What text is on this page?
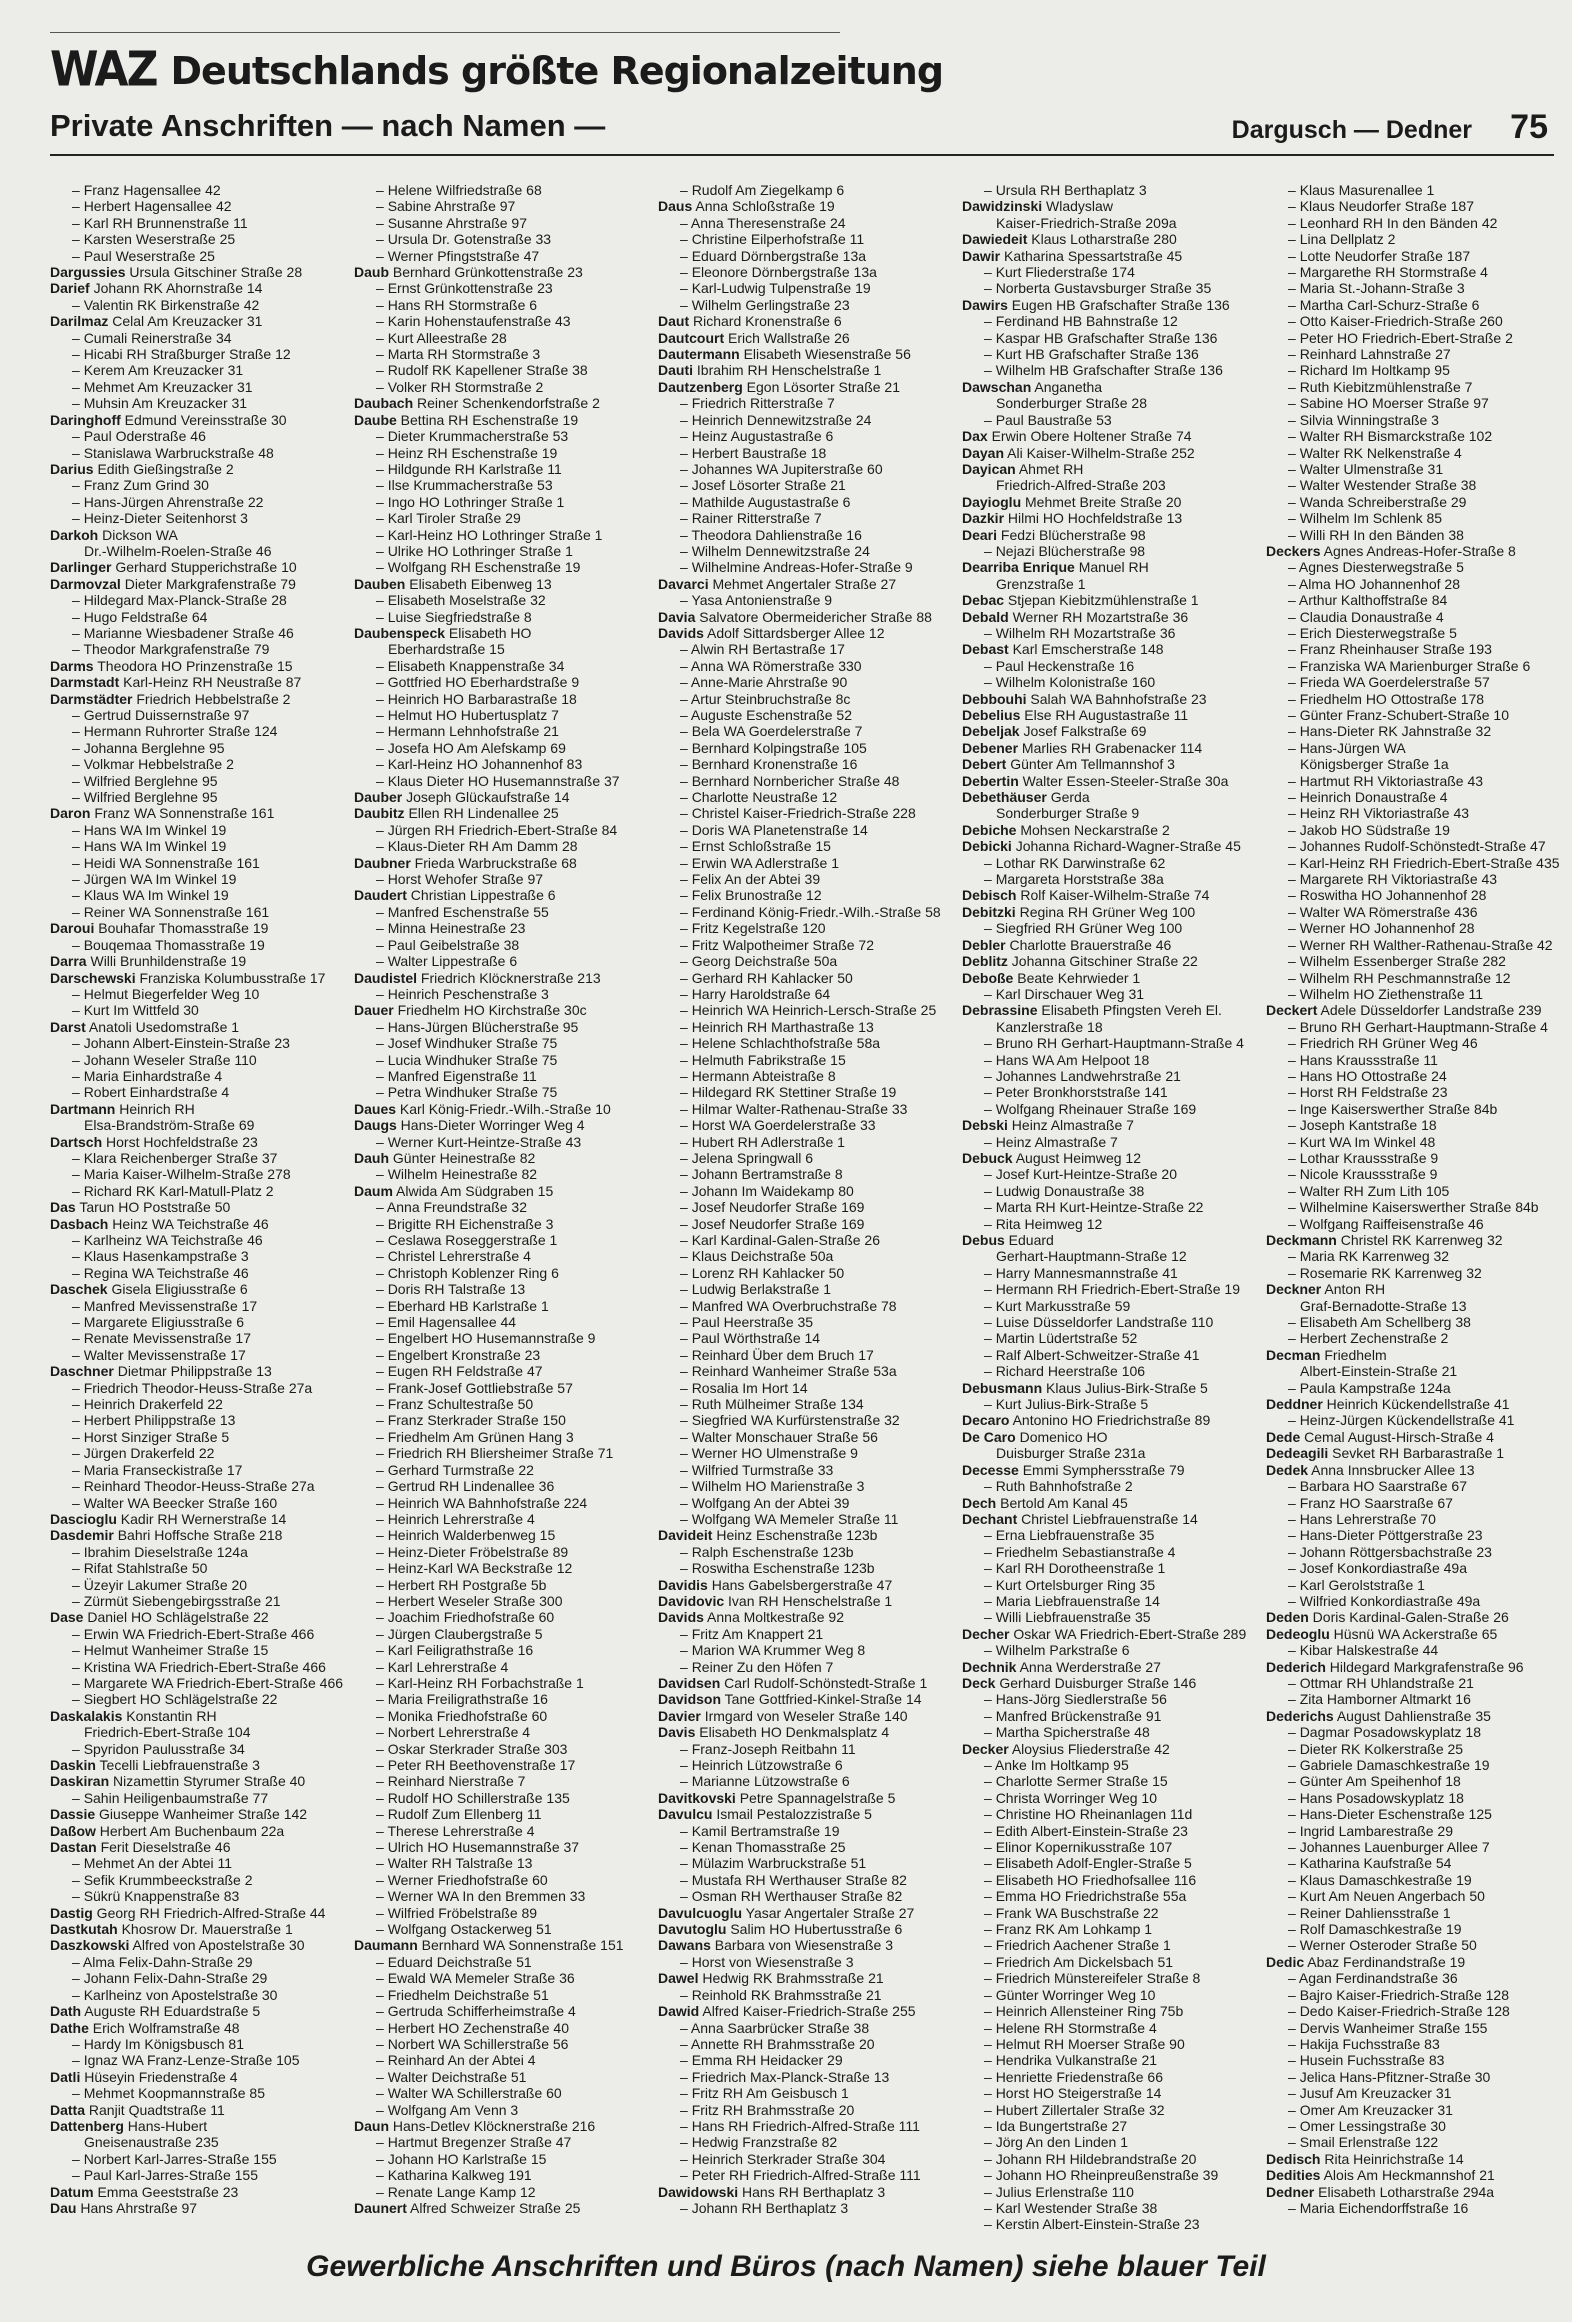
WAZ Deutschlands größte Regionalzeitung
Private Anschriften — nach Namen —	Dargusch — Dedner 75
– Franz Hagensallee 42
– Herbert Hagensallee 42
– Karl RH Brunnenstraße 11
– Karsten Weserstraße 25
– Paul Weserstraße 25
Dargussies Ursula Gitschiner Straße 28
Darief Johann RK Ahornstraße 14
– Valentin RK Birkenstraße 42
Darilmaz Celal Am Kreuzacker 31
– Cumali Reinerstraße 34
– Hicabi RH Straßburger Straße 12
– Kerem Am Kreuzacker 31
– Mehmet Am Kreuzacker 31
– Muhsin Am Kreuzacker 31
Daringhoff Edmund Vereinsstraße 30
– Paul Oderstraße 46
– Stanislawa Warbruckstraße 48
Darius Edith Gießingstraße 2
– Franz Zum Grind 30
– Hans-Jürgen Ahrenstraße 22
– Heinz-Dieter Seitenhorst 3
Darkoh Dickson WA
Dr.-Wilhelm-Roelen-Straße 46
Darlinger Gerhard Stupperichstraße 10
Darmovzal Dieter Markgrafenstraße 79
– Hildegard Max-Planck-Straße 28
– Hugo Feldstraße 64
– Marianne Wiesbadener Straße 46
– Theodor Markgrafenstraße 79
Darms Theodora HO Prinzenstraße 15
Darmstadt Karl-Heinz RH Neustraße 87
Darmstädter Friedrich Hebbelstraße 2
– Gertrud Duissernstraße 97
– Hermann Ruhrorter Straße 124
– Johanna Berglehne 95
– Volkmar Hebbelstraße 2
– Wilfried Berglehne 95
– Wilfried Berglehne 95
Daron Franz WA Sonnenstraße 161
– Hans WA Im Winkel 19
– Hans WA Im Winkel 19
– Heidi WA Sonnenstraße 161
– Jürgen WA Im Winkel 19
– Klaus WA Im Winkel 19
– Reiner WA Sonnenstraße 161
Daroui Bouhafar Thomasstraße 19
– Bouqemaa Thomasstraße 19
Darra Willi Brunhildenstraße 19
Darschewski Franziska Kolumbusstraße 17
– Helmut Biegerfelder Weg 10
– Kurt Im Wittfeld 30
Darst Anatoli Usedomstraße 1
– Johann Albert-Einstein-Straße 23
– Johann Weseler Straße 110
– Maria Einhardstraße 4
– Robert Einhardstraße 4
Dartmann Heinrich RH
Elsa-Brandström-Straße 69
Dartsch Horst Hochfeldstraße 23
– Klara Reichenberger Straße 37
– Maria Kaiser-Wilhelm-Straße 278
– Richard RK Karl-Matull-Platz 2
Das Tarun HO Poststraße 50
Dasbach Heinz WA Teichstraße 46
– Karlheinz WA Teichstraße 46
– Klaus Hasenkampstraße 3
– Regina WA Teichstraße 46
Daschek Gisela Eligiusstraße 6
– Manfred Mevissenstraße 17
– Margarete Eligiusstraße 6
– Renate Mevissenstraße 17
– Walter Mevissenstraße 17
Daschner Dietmar Philippstraße 13
– Friedrich Theodor-Heuss-Straße 27a
– Heinrich Drakerfeld 22
– Herbert Philippstraße 13
– Horst Sinziger Straße 5
– Jürgen Drakerfeld 22
– Maria Franseckistraße 17
– Reinhard Theodor-Heuss-Straße 27a
– Walter WA Beecker Straße 160
Dascioglu Kadir RH Wernerstraße 14
Dasdemir Bahri Hoffsche Straße 218
– Ibrahim Dieselstraße 124a
– Rifat Stahlstraße 50
– Üzeyir Lakumer Straße 20
– Zürmüt Siebengebirgsstraße 21
Dase Daniel HO Schlägelstraße 22
– Erwin WA Friedrich-Ebert-Straße 466
– Helmut Wanheimer Straße 15
– Kristina WA Friedrich-Ebert-Straße 466
– Margarete WA Friedrich-Ebert-Straße 466
– Siegbert HO Schlägelstraße 22
Daskalakis Konstantin RH
Friedrich-Ebert-Straße 104
– Spyridon Paulusstraße 34
Daskin Tecelli Liebfrauenstraße 3
Daskiran Nizamettin Styrumer Straße 40
– Sahin Heiligenbaumstraße 77
Dassie Giuseppe Wanheimer Straße 142
Daßow Herbert Am Buchenbaum 22a
Dastan Ferit Dieselstraße 46
– Mehmet An der Abtei 11
– Sefik Krummbeeckstraße 2
– Sükrü Knappenstraße 83
Dastig Georg RH Friedrich-Alfred-Straße 44
Dastkutah Khosrow Dr. Mauerstraße 1
Daszkowski Alfred von Apostelstraße 30
– Alma Felix-Dahn-Straße 29
– Johann Felix-Dahn-Straße 29
– Karlheinz von Apostelstraße 30
Dath Auguste RH Eduardstraße 5
Dathe Erich Wolframstraße 48
– Hardy Im Königsbusch 81
– Ignaz WA Franz-Lenze-Straße 105
Datli Hüseyin Friedenstraße 4
– Mehmet Koopmannstraße 85
Datta Ranjit Quadtstraße 11
Dattenberg Hans-Hubert
Gneisenaustraße 235
– Norbert Karl-Jarres-Straße 155
– Paul Karl-Jarres-Straße 155
Datum Emma Geeststraße 23
Dau Hans Ahrstraße 97
– Helene Wilfriedstraße 68
– Sabine Ahrstraße 97
– Susanne Ahrstraße 97
– Ursula Dr. Gotenstraße 33
– Werner Pfingststraße 47
Daub Bernhard Grünkottenstraße 23
– Ernst Grünkottenstraße 23
– Hans RH Stormstraße 6
– Karin Hohenstaufenstraße 43
– Kurt Alleestraße 28
– Marta RH Stormstraße 3
– Rudolf RK Kapellener Straße 38
– Volker RH Stormstraße 2
Daubach Reiner Schenkendorfstraße 2
Daube Bettina RH Eschenstraße 19
– Dieter Krummacherstraße 53
– Heinz RH Eschenstraße 19
– Hildgunde RH Karlstraße 11
– Ilse Krummacherstraße 53
– Ingo HO Lothringer Straße 1
– Karl Tiroler Straße 29
– Karl-Heinz HO Lothringer Straße 1
– Ulrike HO Lothringer Straße 1
– Wolfgang RH Eschenstraße 19
Dauben Elisabeth Eibenweg 13
– Elisabeth Moselstraße 32
– Luise Siegfriedstraße 8
Daubenspeck Elisabeth HO
Eberhardstraße 15
– Elisabeth Knappenstraße 34
– Gottfried HO Eberhardstraße 9
– Heinrich HO Barbarastraße 18
– Helmut HO Hubertusplatz 7
– Hermann Lehnhofstraße 21
– Josefa HO Am Alefskamp 69
– Karl-Heinz HO Johannenhof 83
– Klaus Dieter HO Husemannstraße 37
Dauber Joseph Glückaufstraße 14
Daubitz Ellen RH Lindenallee 25
– Jürgen RH Friedrich-Ebert-Straße 84
– Klaus-Dieter RH Am Damm 28
Daubner Frieda Warbruckstraße 68
– Horst Wehofer Straße 97
Daudert Christian Lippestraße 6
– Manfred Eschenstraße 55
– Minna Heinestraße 23
– Paul Geibelstraße 38
– Walter Lippestraße 6
Daudistel Friedrich Klöcknerstraße 213
– Heinrich Peschenstraße 3
Dauer Friedhelm HO Kirchstraße 30c
– Hans-Jürgen Blücherstraße 95
– Josef Windhuker Straße 75
– Lucia Windhuker Straße 75
– Manfred Eigenstraße 11
– Petra Windhuker Straße 75
Daues Karl König-Friedr.-Wilh.-Straße 10
Daugs Hans-Dieter Worringer Weg 4
– Werner Kurt-Heintze-Straße 43
Dauh Günter Heinestraße 82
– Wilhelm Heinestraße 82
Daum Alwida Am Südgraben 15
– Anna Freundstraße 32
– Brigitte RH Eichenstraße 3
– Ceslawa Roseggerstraße 1
– Christel Lehrerstraße 4
– Christoph Koblenzer Ring 6
– Doris RH Talstraße 13
– Eberhard HB Karlstraße 1
– Emil Hagensallee 44
– Engelbert HO Husemannstraße 9
– Engelbert Kronstraße 23
– Eugen RH Feldstraße 47
– Frank-Josef Gottliebstraße 57
– Franz Schultestraße 50
– Franz Sterkrader Straße 150
– Friedhelm Am Grünen Hang 3
– Friedrich RH Bliersheimer Straße 71
– Gerhard Turmstraße 22
– Gertrud RH Lindenallee 36
– Heinrich WA Bahnhofstraße 224
– Heinrich Lehrerstraße 4
– Heinrich Walderbenweg 15
– Heinz-Dieter Fröbelstraße 89
– Heinz-Karl WA Beckstraße 12
– Herbert RH Postgraße 5b
– Herbert Weseler Straße 300
– Joachim Friedhofstraße 60
– Jürgen Claubergstraße 5
– Karl Feiligrathstraße 16
– Karl Lehrerstraße 4
– Karl-Heinz RH Forbachstraße 1
– Maria Freiligrathstraße 16
– Monika Friedhofstraße 60
– Norbert Lehrerstraße 4
– Oskar Sterkrader Straße 303
– Peter RH Beethovenstraße 17
– Reinhard Nierstraße 7
– Rudolf HO Schillerstraße 135
– Rudolf Zum Ellenberg 11
– Therese Lehrerstraße 4
– Ulrich HO Husemannstraße 37
– Walter RH Talstraße 13
– Werner Friedhofstraße 60
– Werner WA In den Bremmen 33
– Wilfried Fröbelstraße 89
– Wolfgang Ostackerweg 51
Daumann Bernhard WA Sonnenstraße 151
– Eduard Deichstraße 51
– Ewald WA Memeler Straße 36
– Friedhelm Deichstraße 51
– Gertruda Schifferheimstraße 4
– Herbert HO Zechenstraße 40
– Norbert WA Schillerstraße 56
– Reinhard An der Abtei 4
– Walter Deichstraße 51
– Walter WA Schillerstraße 60
– Wolfgang Am Venn 3
Daun Hans-Detlev Klöcknerstraße 216
– Hartmut Bregenzer Straße 47
– Johann HO Karlstraße 15
– Katharina Kalkweg 191
– Renate Lange Kamp 12
Daunert Alfred Schweizer Straße 25
– Rudolf Am Ziegelkamp 6
Daus Anna Schloßstraße 19
– Anna Theresenstraße 24
– Christine Eilperhofstraße 11
– Eduard Dörnbergstraße 13a
– Eleonore Dörnbergstraße 13a
– Karl-Ludwig Tulpenstraße 19
– Wilhelm Gerlingstraße 23
Daut Richard Kronenstraße 6
Dautcourt Erich Wallstraße 26
Dautermann Elisabeth Wiesenstraße 56
Dauti Ibrahim RH Henschelstraße 1
Dautzenberg Egon Lösorter Straße 21
– Friedrich Ritterstraße 7
– Heinrich Dennewitzstraße 24
– Heinz Augustastraße 6
– Herbert Baustraße 18
– Johannes WA Jupiterstraße 60
– Josef Lösorter Straße 21
– Mathilde Augustastraße 6
– Rainer Ritterstraße 7
– Theodora Dahlienstraße 16
– Wilhelm Dennewitzstraße 24
– Wilhelmine Andreas-Hofer-Straße 9
Davarci Mehmet Angertaler Straße 27
– Yasa Antonienstraße 9
Davia Salvatore Obermeidericher Straße 88
Davids Adolf Sittardsberger Allee 12
– Alwin RH Bertastraße 17
– Anna WA Römerstraße 330
– Anne-Marie Ahrstraße 90
– Artur Steinbruchstraße 8c
– Auguste Eschenstraße 52
– Bela WA Goerdelerstraße 7
– Bernhard Kolpingstraße 105
– Bernhard Kronenstraße 16
– Bernhard Nornbericher Straße 48
– Charlotte Neustraße 12
– Christel Kaiser-Friedrich-Straße 228
– Doris WA Planetenstraße 14
– Ernst Schloßstraße 15
– Erwin WA Adlerstraße 1
– Felix An der Abtei 39
– Felix Brunostraße 12
– Ferdinand König-Friedr.-Wilh.-Straße 58
– Fritz Kegelstraße 120
– Fritz Walpotheimer Straße 72
– Georg Deichstraße 50a
– Gerhard RH Kahlacker 50
– Harry Haroldstraße 64
– Heinrich WA Heinrich-Lersch-Straße 25
– Heinrich RH Marthastraße 13
– Helene Schlachthofstraße 58a
– Helmuth Fabrikstraße 15
– Hermann Abteistraße 8
– Hildegard RK Stettiner Straße 19
– Hilmar Walter-Rathenau-Straße 33
– Horst WA Goerdelerstraße 33
– Hubert RH Adlerstraße 1
– Jelena Springwall 6
– Johann Bertramstraße 8
– Johann Im Waidekamp 80
– Josef Neudorfer Straße 169
– Josef Neudorfer Straße 169
– Karl Kardinal-Galen-Straße 26
– Klaus Deichstraße 50a
– Lorenz RH Kahlacker 50
– Ludwig Berlakstraße 1
– Manfred WA Overbruchstraße 78
– Paul Heerstraße 35
– Paul Wörthstraße 14
– Reinhard Über dem Bruch 17
– Reinhard Wanheimer Straße 53a
– Rosalia Im Hort 14
– Ruth Mülheimer Straße 134
– Siegfried WA Kurfürstenstraße 32
– Walter Monschauer Straße 56
– Werner HO Ulmenstraße 9
– Wilfried Turmstraße 33
– Wilhelm HO Marienstraße 3
– Wolfgang An der Abtei 39
– Wolfgang WA Memeler Straße 11
Davideit Heinz Eschenstraße 123b
– Ralph Eschenstraße 123b
– Roswitha Eschenstraße 123b
Davidis Hans Gabelsbergerstraße 47
Davidovic Ivan RH Henschelstraße 1
Davids Anna Moltkestraße 92
– Fritz Am Knappert 21
– Marion WA Krummer Weg 8
– Reiner Zu den Höfen 7
Davidsen Carl Rudolf-Schönstedt-Straße 1
Davidson Tane Gottfried-Kinkel-Straße 14
Davier Irmgard von Weseler Straße 140
Davis Elisabeth HO Denkmalsplatz 4
– Franz-Joseph Reitbahn 11
– Heinrich Lützowstraße 6
– Marianne Lützowstraße 6
Davitkovski Petre Spannagelstraße 5
Davulcu Ismail Pestalozzistraße 5
– Kamil Bertramstraße 19
– Kenan Thomasstraße 25
– Mülazim Warbruckstraße 51
– Mustafa RH Werthauser Straße 82
– Osman RH Werthauser Straße 82
Davulcuoglu Yasar Angertaler Straße 27
Davutoglu Salim HO Hubertusstraße 6
Dawans Barbara von Wiesenstraße 3
– Horst von Wiesenstraße 3
Dawel Hedwig RK Brahmsstraße 21
– Reinhold RK Brahmsstraße 21
Dawid Alfred Kaiser-Friedrich-Straße 255
– Anna Saarbrücker Straße 38
– Annette RH Brahmsstraße 20
– Emma RH Heidacker 29
– Friedrich Max-Planck-Straße 13
– Fritz RH Am Geisbusch 1
– Fritz RH Brahmsstraße 20
– Hans RH Friedrich-Alfred-Straße 111
– Hedwig Franzstraße 82
– Heinrich Sterkrader Straße 304
– Peter RH Friedrich-Alfred-Straße 111
Dawidowski Hans RH Berthaplatz 3
– Johann RH Berthaplatz 3
– Ursula RH Berthaplatz 3
Dawidzinski Wladyslaw
Kaiser-Friedrich-Straße 209a
Dawiedeit Klaus Lotharstraße 280
Dawir Katharina Spessartstraße 45
– Kurt Fliederstraße 174
– Norberta Gustavsburger Straße 35
Dawirs Eugen HB Grafschafter Straße 136
– Ferdinand HB Bahnstraße 12
– Kaspar HB Grafschafter Straße 136
– Kurt HB Grafschafter Straße 136
– Wilhelm HB Grafschafter Straße 136
Dawschan Anganetha
Sonderburger Straße 28
– Paul Baustraße 53
Dax Erwin Obere Holtener Straße 74
Dayan Ali Kaiser-Wilhelm-Straße 252
Dayican Ahmet RH
Friedrich-Alfred-Straße 203
Dayioglu Mehmet Breite Straße 20
Dazkir Hilmi HO Hochfeldstraße 13
Deari Fedzi Blücherstraße 98
– Nejazi Blücherstraße 98
Dearriba Enrique Manuel RH
Grenzstraße 1
Debac Stjepan Kiebitzmühlenstraße 1
Debald Werner RH Mozartstraße 36
– Wilhelm RH Mozartstraße 36
Debast Karl Emscherstraße 148
– Paul Heckenstraße 16
– Wilhelm Kolonistraße 160
Debbouhi Salah WA Bahnhofstraße 23
Debelius Else RH Augustastraße 11
Debeljak Josef Falkstraße 69
Debener Marlies RH Grabenacker 114
Debert Günter Am Tellmannshof 3
Debertin Walter Essen-Steeler-Straße 30a
Debethäuser Gerda
Sonderburger Straße 9
Debiche Mohsen Neckarstraße 2
Debicki Johanna Richard-Wagner-Straße 45
– Lothar RK Darwinstraße 62
– Margareta Horststraße 38a
Debisch Rolf Kaiser-Wilhelm-Straße 74
Debitzki Regina RH Grüner Weg 100
– Siegfried RH Grüner Weg 100
Debler Charlotte Brauerstraße 46
Deblitz Johanna Gitschiner Straße 22
Deboße Beate Kehrwieder 1
– Karl Dirschauer Weg 31
Debrassine Elisabeth Pfingsten Vereh El.
Kanzlerstraße 18
– Bruno RH Gerhart-Hauptmann-Straße 4
– Hans WA Am Helpoot 18
– Johannes Landwehrstraße 21
– Peter Bronkhorststraße 141
– Wolfgang Rheinauer Straße 169
Debski Heinz Almastraße 7
– Heinz Almastraße 7
Debuck August Heimweg 12
– Josef Kurt-Heintze-Straße 20
– Ludwig Donaustraße 38
– Marta RH Kurt-Heintze-Straße 22
– Rita Heimweg 12
Debus Eduard
Gerhart-Hauptmann-Straße 12
– Harry Mannesmannstraße 41
– Hermann RH Friedrich-Ebert-Straße 19
– Kurt Markusstraße 59
– Luise Düsseldorfer Landstraße 110
– Martin Lüdertstraße 52
– Ralf Albert-Schweitzer-Straße 41
– Richard Heerstraße 106
Debusmann Klaus Julius-Birk-Straße 5
– Kurt Julius-Birk-Straße 5
Decaro Antonino HO Friedrichstraße 89
De Caro Domenico HO
Duisburger Straße 231a
Decesse Emmi Symphersstraße 79
– Ruth Bahnhofstraße 2
Dech Bertold Am Kanal 45
Dechant Christel Liebfrauenstraße 14
– Erna Liebfrauenstraße 35
– Friedhelm Sebastianstraße 4
– Karl RH Dorotheenstraße 1
– Kurt Ortelsburger Ring 35
– Maria Liebfrauenstraße 14
– Willi Liebfrauenstraße 35
Decher Oskar WA Friedrich-Ebert-Straße 289
– Wilhelm Parkstraße 6
Dechnik Anna Werderstraße 27
Deck Gerhard Duisburger Straße 146
– Hans-Jörg Siedlerstraße 56
– Manfred Brückenstraße 91
– Martha Spicherstraße 48
Decker Aloysius Fliederstraße 42
– Anke Im Holtkamp 95
– Charlotte Sermer Straße 15
– Christa Worringer Weg 10
– Christine HO Rheinanlagen 11d
– Edith Albert-Einstein-Straße 23
– Elinor Kopernikusstraße 107
– Elisabeth Adolf-Engler-Straße 5
– Elisabeth HO Friedhofsallee 116
– Emma HO Friedrichstraße 55a
– Frank WA Buschstraße 22
– Franz RK Am Lohkamp 1
– Friedrich Aachener Straße 1
– Friedrich Am Dickelsbach 51
– Friedrich Münstereifeler Straße 8
– Günter Worringer Weg 10
– Heinrich Allensteiner Ring 75b
– Helene RH Stormstraße 4
– Helmut RH Moerser Straße 90
– Hendrika Vulkanstraße 21
– Henriette Friedenstraße 66
– Horst HO Steigerstraße 14
– Hubert Zillertaler Straße 32
– Ida Bungertstraße 27
– Jörg An den Linden 1
– Johann RH Hildebrandstraße 20
– Johann HO Rheinpreußenstraße 39
– Julius Erlenstraße 110
– Karl Westender Straße 38
– Kerstin Albert-Einstein-Straße 23
– Klaus Masurenallee 1
– Klaus Neudorfer Straße 187
– Leonhard RH In den Bänden 42
– Lina Dellplatz 2
– Lotte Neudorfer Straße 187
– Margarethe RH Stormstraße 4
– Maria St.-Johann-Straße 3
– Martha Carl-Schurz-Straße 6
– Otto Kaiser-Friedrich-Straße 260
– Peter HO Friedrich-Ebert-Straße 2
– Reinhard Lahnstraße 27
– Richard Im Holtkamp 95
– Ruth Kiebitzmühlenstraße 7
– Sabine HO Moerser Straße 97
– Silvia Winningstraße 3
– Walter RH Bismarckstraße 102
– Walter RK Nelkenstraße 4
– Walter Ulmenstraße 31
– Walter Westender Straße 38
– Wanda Schreiberstraße 29
– Wilhelm Im Schlenk 85
– Willi RH In den Bänden 38
Deckers Agnes Andreas-Hofer-Straße 8
– Agnes Diesterwegstraße 5
– Alma HO Johannenhof 28
– Arthur Kalthoffstraße 84
– Claudia Donaustraße 4
– Erich Diesterwegstraße 5
– Franz Rheinhauser Straße 193
– Franziska WA Marienburger Straße 6
– Frieda WA Goerdelerstraße 57
– Friedhelm HO Ottostraße 178
– Günter Franz-Schubert-Straße 10
– Hans-Dieter RK Jahnstraße 32
– Hans-Jürgen WA
Königsberger Straße 1a
– Hartmut RH Viktoriastraße 43
– Heinrich Donaustraße 4
– Heinz RH Viktoriastraße 43
– Jakob HO Südstraße 19
– Johannes Rudolf-Schönstedt-Straße 47
– Karl-Heinz RH Friedrich-Ebert-Straße 435
– Margarete RH Viktoriastraße 43
– Roswitha HO Johannenhof 28
– Walter WA Römerstraße 436
– Werner HO Johannenhof 28
– Werner RH Walther-Rathenau-Straße 42
– Wilhelm Essenberger Straße 282
– Wilhelm RH Peschmannstraße 12
– Wilhelm HO Ziethenstraße 11
Deckert Adele Düsseldorfer Landstraße 239
– Bruno RH Gerhart-Hauptmann-Straße 4
– Friedrich RH Grüner Weg 46
– Hans Kraussstraße 11
– Hans HO Ottostraße 24
– Horst RH Feldstraße 23
– Inge Kaiserswerther Straße 84b
– Joseph Kantstraße 18
– Kurt WA Im Winkel 48
– Lothar Kraussstraße 9
– Nicole Kraussstraße 9
– Walter RH Zum Lith 105
– Wilhelmine Kaiserswerther Straße 84b
– Wolfgang Raiffeisenstraße 46
Deckmann Christel RK Karrenweg 32
– Maria RK Karrenweg 32
– Rosemarie RK Karrenweg 32
Deckner Anton RH
Graf-Bernadotte-Straße 13
– Elisabeth Am Schellberg 38
– Herbert Zechenstraße 2
Decman Friedhelm
Albert-Einstein-Straße 21
– Paula Kampstraße 124a
Deddner Heinrich Kückendellstraße 41
– Heinz-Jürgen Kückendellstraße 41
Dede Cemal August-Hirsch-Straße 4
Dedeagili Sevket RH Barbarastraße 1
Dedek Anna Innsbrucker Allee 13
– Barbara HO Saarstraße 67
– Franz HO Saarstraße 67
– Hans Lehrerstraße 70
– Hans-Dieter Pöttgerstraße 23
– Johann Röttgersbachstraße 23
– Josef Konkordiastraße 49a
– Karl Gerolststraße 1
– Wilfried Konkordiastraße 49a
Deden Doris Kardinal-Galen-Straße 26
Dedeoglu Hüsnü WA Ackerstraße 65
– Kibar Halskestraße 44
Dederich Hildegard Markgrafenstraße 96
– Ottmar RH Uhlandstraße 21
– Zita Hamborner Altmarkt 16
Dederichs August Dahlienstraße 35
– Dagmar Posadowskyplatz 18
– Dieter RK Kolkerstraße 25
– Gabriele Damaschkestraße 19
– Günter Am Speihenhof 18
– Hans Posadowskyplatz 18
– Hans-Dieter Eschenstraße 125
– Ingrid Lambarestraße 29
– Johannes Lauenburger Allee 7
– Katharina Kaufstraße 54
– Klaus Damaschkestraße 19
– Kurt Am Neuen Angerbach 50
– Reiner Dahliensstraße 1
– Rolf Damaschkestraße 19
– Werner Osteroder Straße 50
Dedic Abaz Ferdinandstraße 19
– Agan Ferdinandstraße 36
– Bajro Kaiser-Friedrich-Straße 128
– Dedo Kaiser-Friedrich-Straße 128
– Dervis Wanheimer Straße 155
– Hakija Fuchsstraße 83
– Husein Fuchsstraße 83
– Jelica Hans-Pfitzner-Straße 30
– Jusuf Am Kreuzacker 31
– Omer Am Kreuzacker 31
– Omer Lessingstraße 30
– Smail Erlenstraße 122
Dedisch Rita Heinrichstraße 14
Dedities Alois Am Heckmannshof 21
Dedner Elisabeth Lotharstraße 294a
– Maria Eichendorffstraße 16
Gewerbliche Anschriften und Büros (nach Namen) siehe blauer Teil
